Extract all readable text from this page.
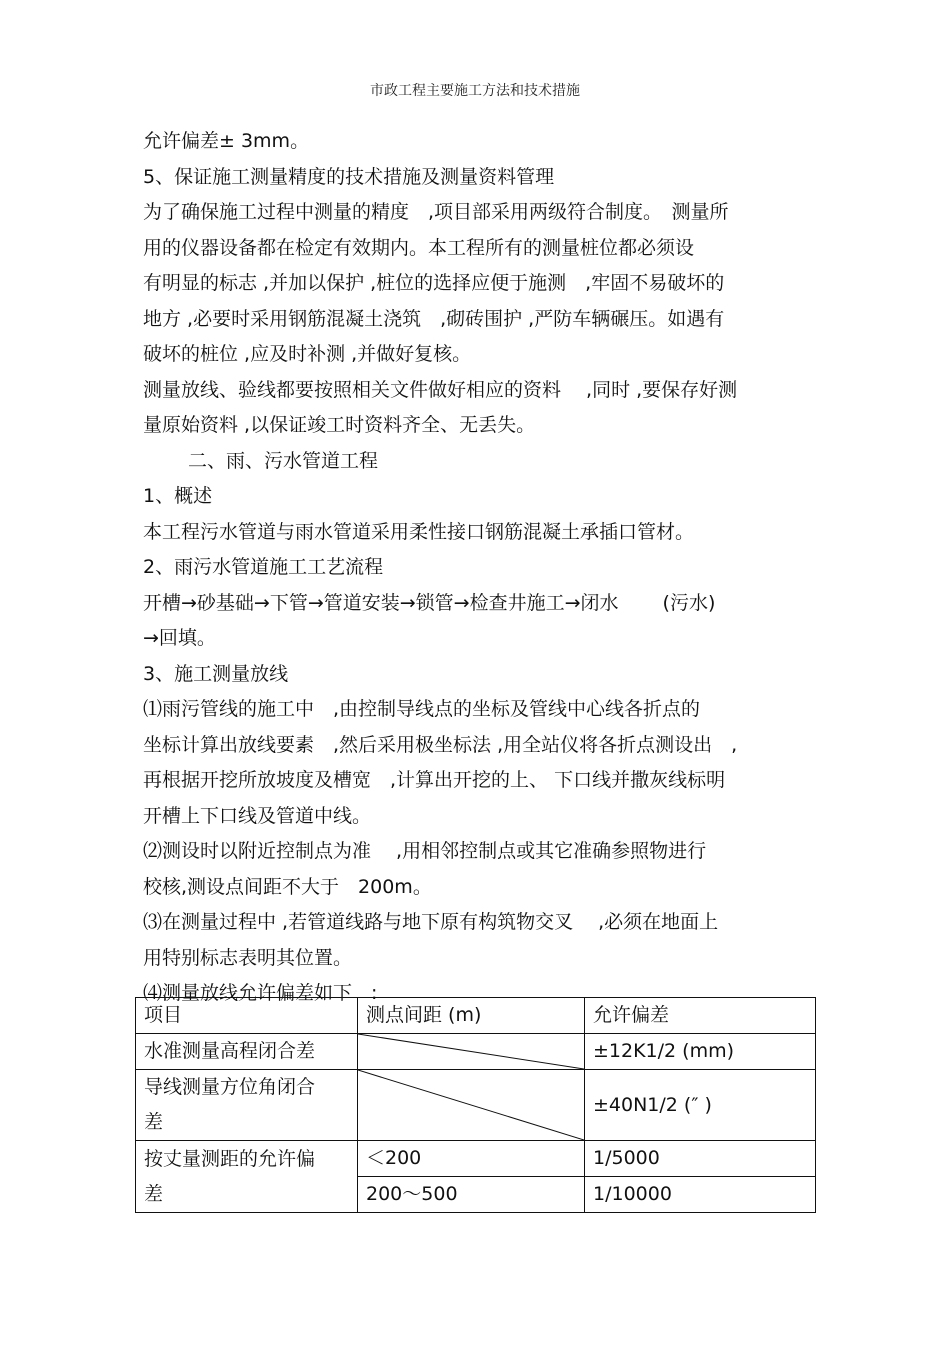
市政工程主要施工方法和技术措施
允许偏差± 3mm。
5、保证施工测量精度的技术措施及测量资料管理
为了确保施工过程中测量的精度　,项目部采用两级符合制度。　测量所
用的仪器设备都在检定有效期内。本工程所有的测量桩位都必须设
有明显的标志 ,并加以保护 ,桩位的选择应便于施测　,牢固不易破坏的
地方 ,必要时采用钢筋混凝土浇筑　,砌砖围护 ,严防车辆碾压。如遇有
破坏的桩位 ,应及时补测 ,并做好复核。
测量放线、验线都要按照相关文件做好相应的资料　 ,同时 ,要保存好测
量原始资料 ,以保证竣工时资料齐全、无丢失。
二、雨、污水管道工程
1、概述
本工程污水管道与雨水管道采用柔性接口钢筋混凝土承插口管材。
2、雨污水管道施工工艺流程
开槽→砂基础→下管→管道安装→锁管→检查井施工→闭水　　 (污水)
→回填。
3、施工测量放线
⑴雨污管线的施工中　,由控制导线点的坐标及管线中心线各折点的
坐标计算出放线要素　,然后采用极坐标法 ,用全站仪将各折点测设出　,
再根据开挖所放坡度及槽宽　,计算出开挖的上、 下口线并撒灰线标明
开槽上下口线及管道中线。
⑵测设时以附近控制点为准　 ,用相邻控制点或其它准确参照物进行
校核,测设点间距不大于　200m。
⑶在测量过程中 ,若管道线路与地下原有构筑物交叉　 ,必须在地面上
用特别标志表明其位置。
⑷测量放线允许偏差如下　:
项目	测点间距 (m)	允许偏差
水准测量高程闭合差		±12K1/2 (mm)

导线测量方位角闭合
差		±40N1/2 (″ )

按丈量测距的允许偏
差	＜200	1/5000
	200～500	1/10000
